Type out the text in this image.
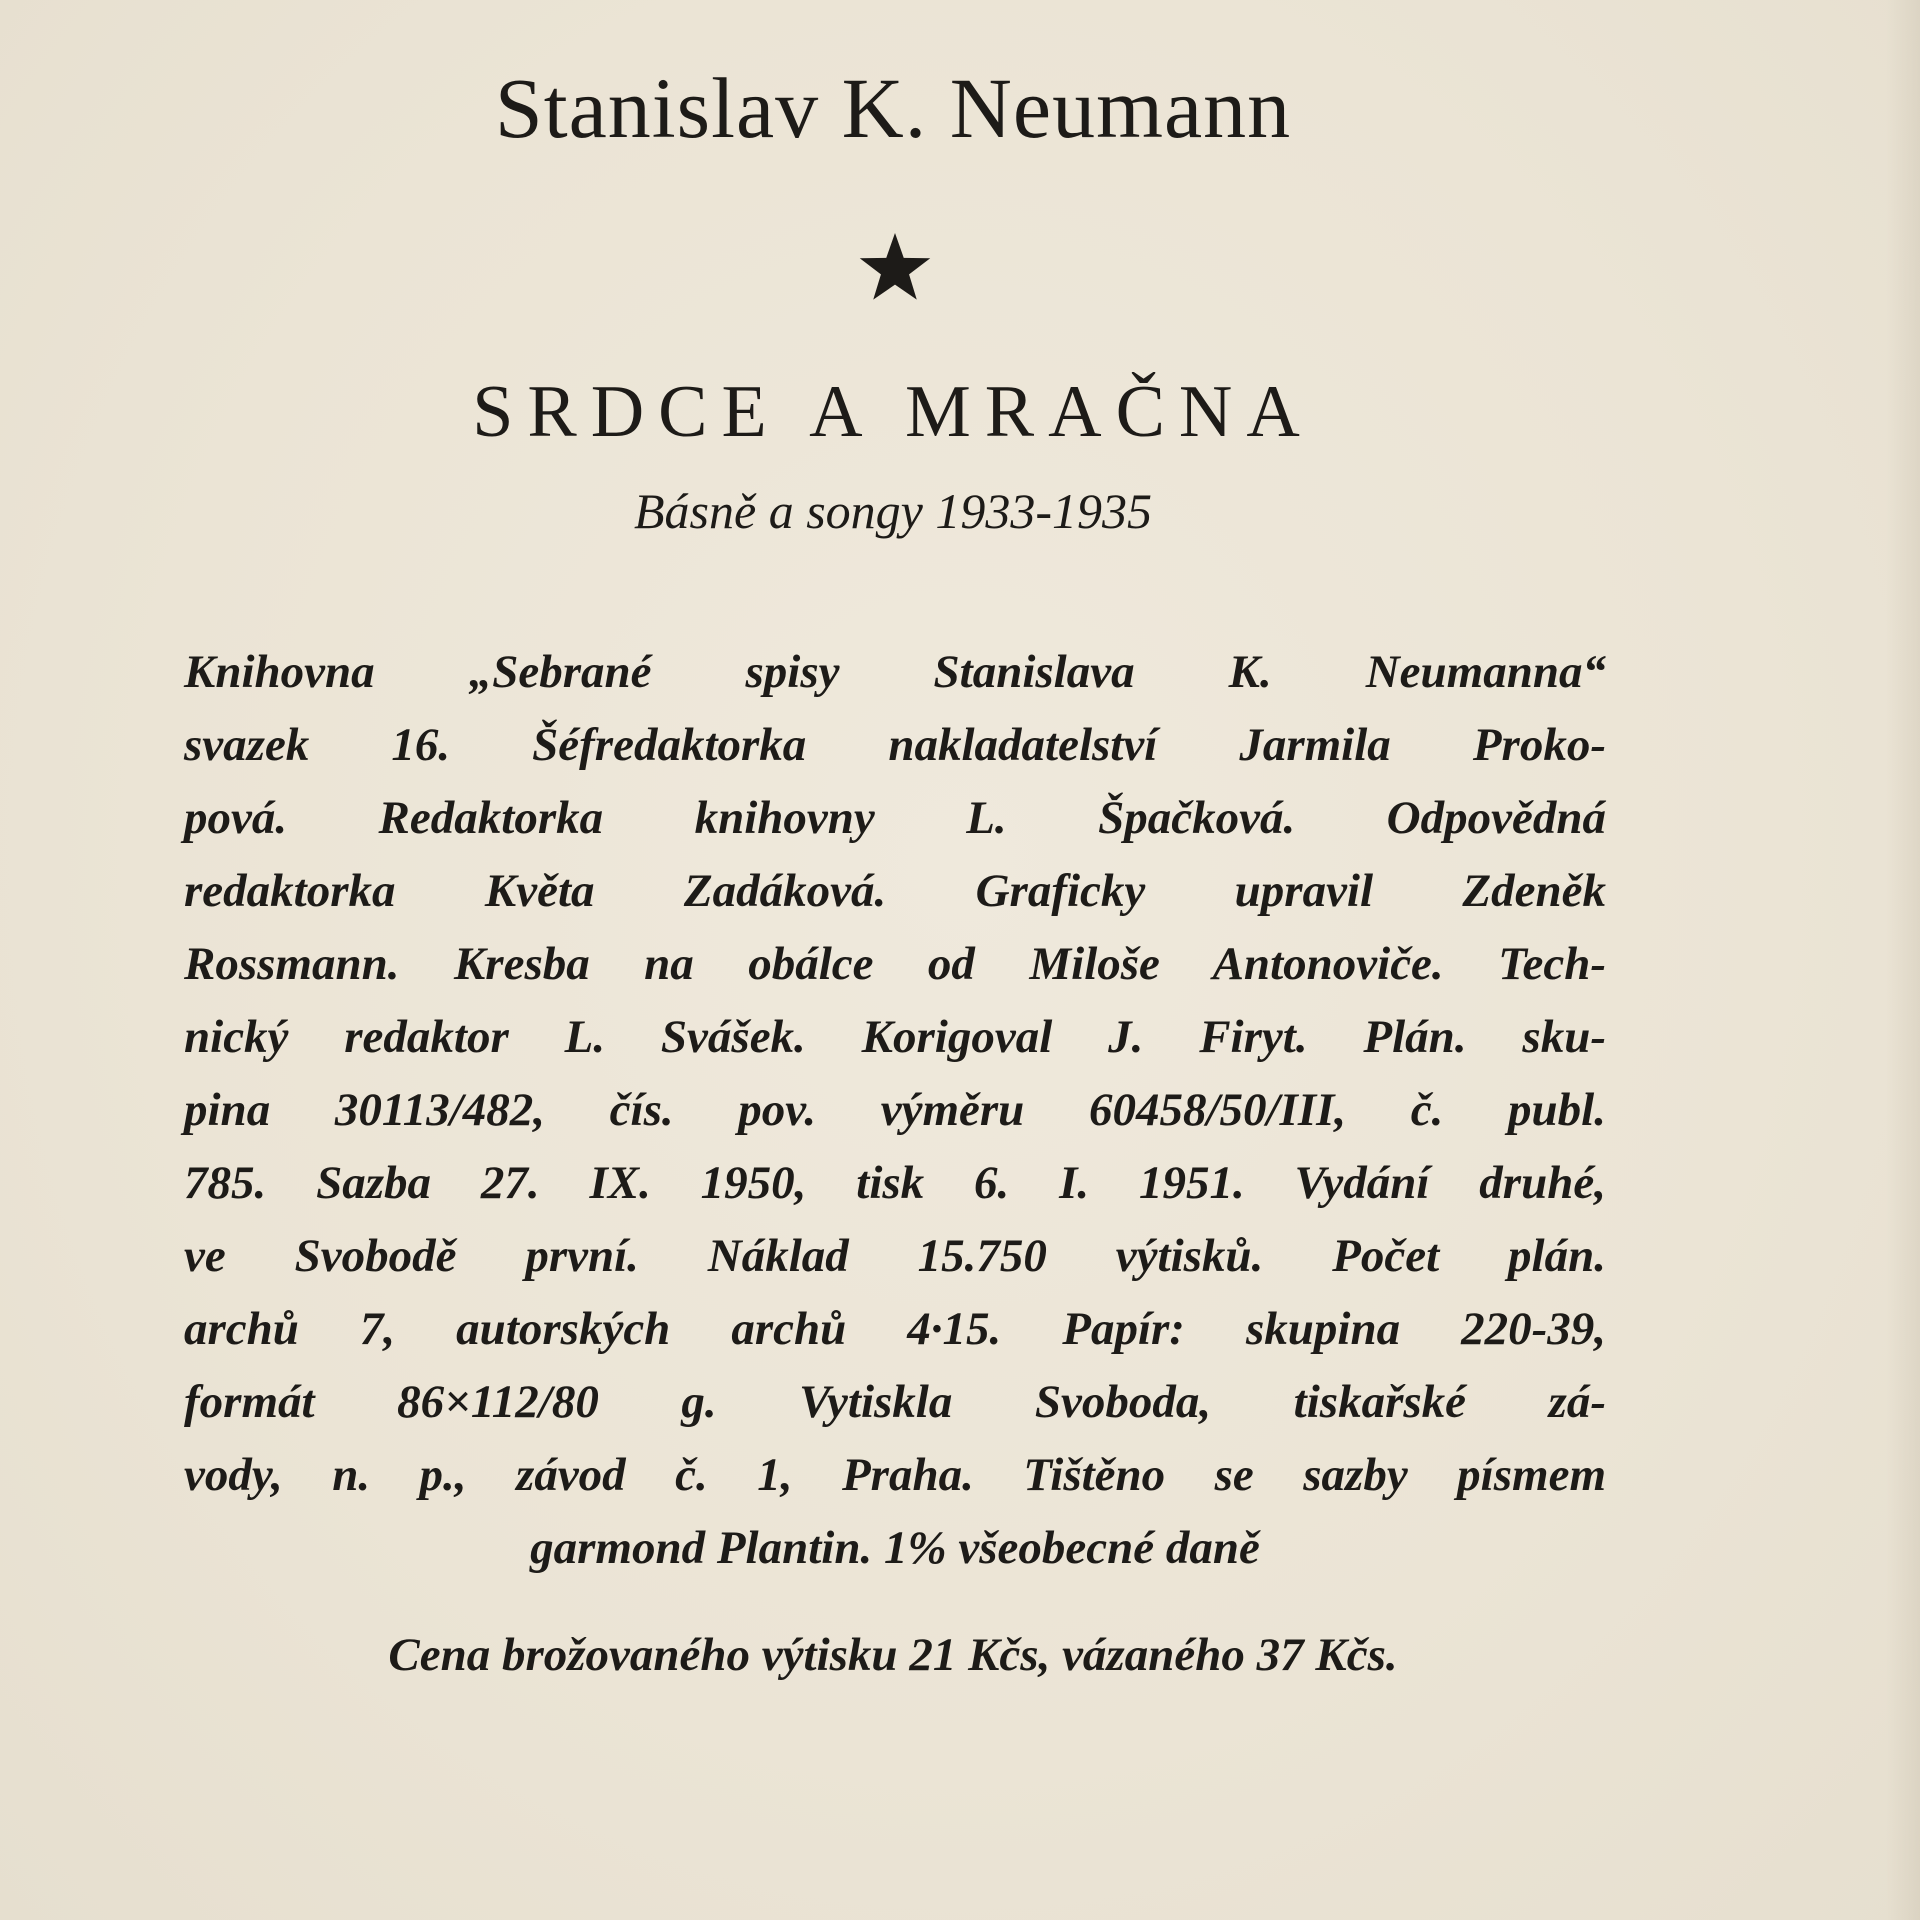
Stanislav K. Neumann
SRDCE A MRAČNA
Básně a songy 1933-1935
Knihovna „Sebrané spisy Stanislava K. Neumanna“
svazek 16. Šéfredaktorka nakladatelství Jarmila Proko-
pová. Redaktorka knihovny L. Špačková. Odpovědná
redaktorka Květa Zadáková. Graficky upravil Zdeněk
Rossmann. Kresba na obálce od Miloše Antonoviče. Tech-
nický redaktor L. Svášek. Korigoval J. Firyt. Plán. sku-
pina 30113/482, čís. pov. výměru 60458/50/III, č. publ.
785. Sazba 27. IX. 1950, tisk 6. I. 1951. Vydání druhé,
ve Svobodě první. Náklad 15.750 výtisků. Počet plán.
archů 7, autorských archů 4·15. Papír: skupina 220-39,
formát 86×112/80 g. Vytiskla Svoboda, tiskařské zá-
vody, n. p., závod č. 1, Praha. Tištěno se sazby písmem
garmond Plantin. 1% všeobecné daně
Cena brožovaného výtisku 21 Kčs, vázaného 37 Kčs.
